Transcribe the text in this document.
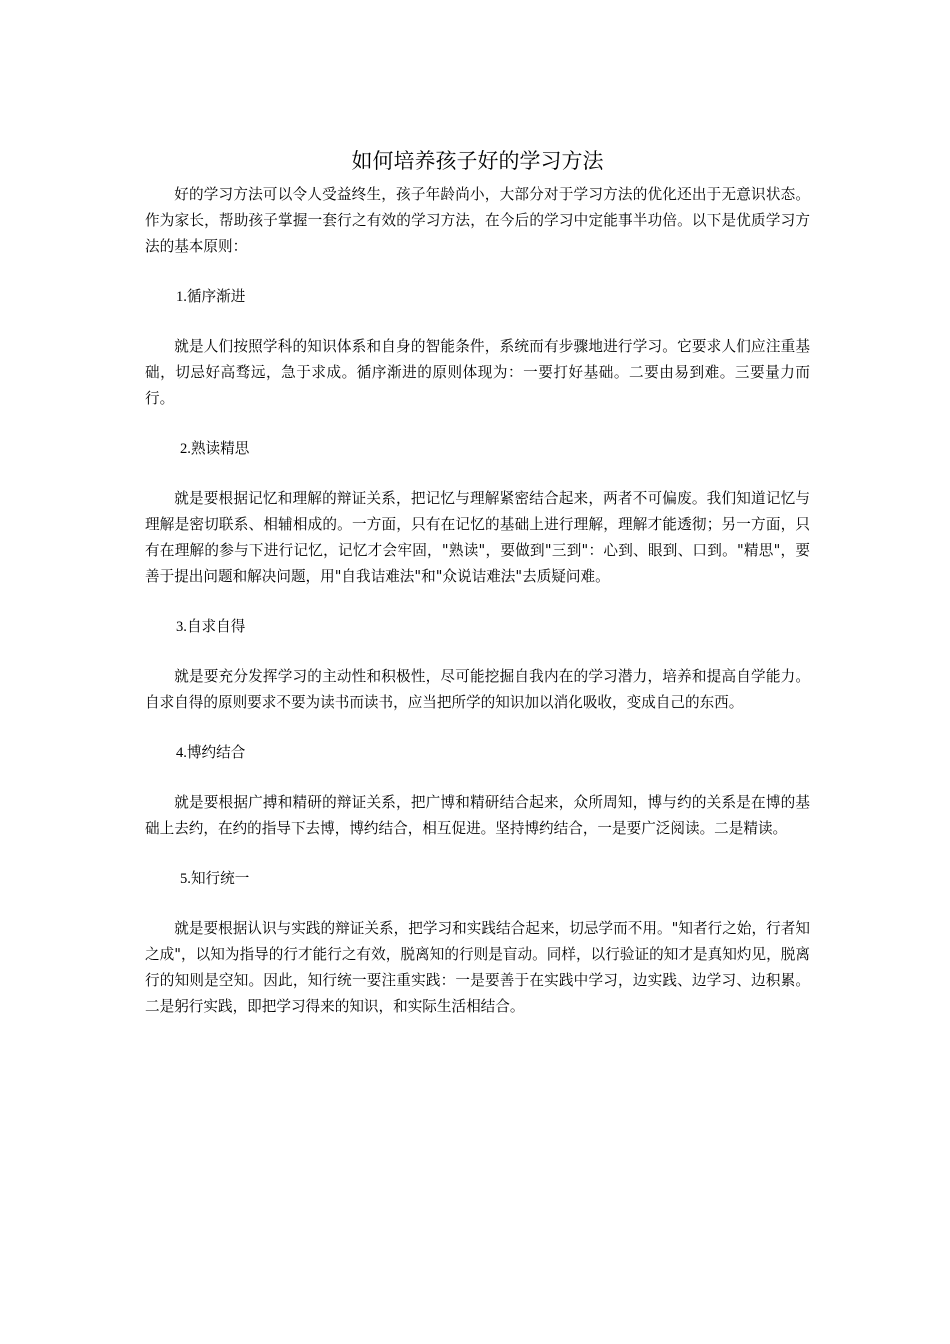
如何培养孩子好的学习方法

好的学习方法可以令人受益终生，孩子年龄尚小，大部分对于学习方法的优化还出于无意识状态。作为家长，帮助孩子掌握一套行之有效的学习方法，在今后的学习中定能事半功倍。以下是优质学习方法的基本原则：

1.循序渐进

就是人们按照学科的知识体系和自身的智能条件，系统而有步骤地进行学习。它要求人们应注重基础，切忌好高骛远，急于求成。循序渐进的原则体现为：一要打好基础。二要由易到难。三要量力而行。

2.熟读精思

就是要根据记忆和理解的辩证关系，把记忆与理解紧密结合起来，两者不可偏废。我们知道记忆与理解是密切联系、相辅相成的。一方面，只有在记忆的基础上进行理解，理解才能透彻；另一方面，只有在理解的参与下进行记忆，记忆才会牢固，"熟读"，要做到"三到"：心到、眼到、口到。"精思"，要善于提出问题和解决问题，用"自我诘难法"和"众说诘难法"去质疑问难。

3.自求自得

就是要充分发挥学习的主动性和积极性，尽可能挖掘自我内在的学习潜力，培养和提高自学能力。自求自得的原则要求不要为读书而读书，应当把所学的知识加以消化吸收，变成自己的东西。

4.博约结合

就是要根据广搏和精研的辩证关系，把广博和精研结合起来，众所周知，博与约的关系是在博的基础上去约，在约的指导下去博，博约结合，相互促进。坚持博约结合，一是要广泛阅读。二是精读。

5.知行统一

就是要根据认识与实践的辩证关系，把学习和实践结合起来，切忌学而不用。"知者行之始，行者知之成"，以知为指导的行才能行之有效，脱离知的行则是盲动。同样，以行验证的知才是真知灼见，脱离行的知则是空知。因此，知行统一要注重实践：一是要善于在实践中学习，边实践、边学习、边积累。二是躬行实践，即把学习得来的知识，和实际生活相结合。
